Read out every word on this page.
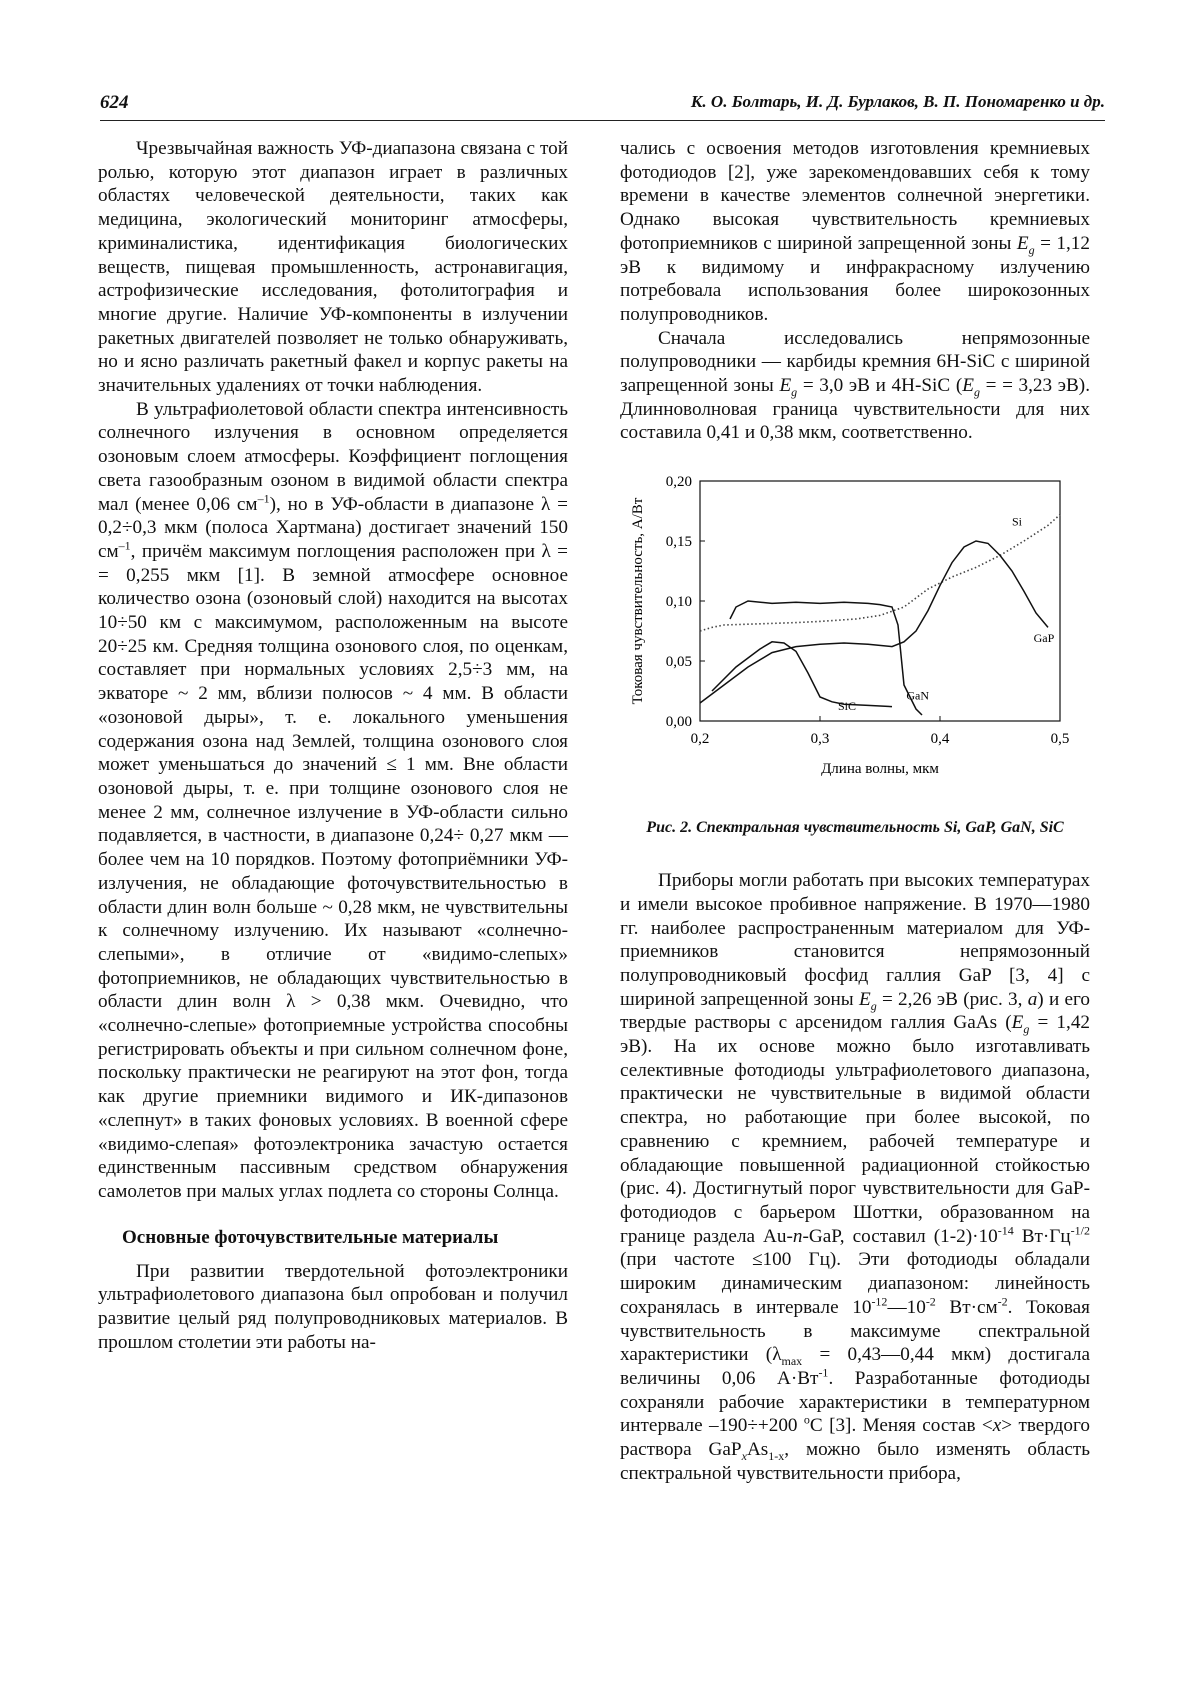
624	К. О. Болтарь, И. Д. Бурлаков, В. П. Пономаренко и др.

Чрезвычайная важность УФ-диапазона связана с той ролью, которую этот диапазон играет в различных областях человеческой деятельности, таких как медицина, экологический мониторинг атмосферы, криминалистика, идентификация биологических веществ, пищевая промышленность, астронавигация, астрофизические исследования, фотолитография и многие другие. Наличие УФ-компоненты в излучении ракетных двигателей позволяет не только обнаруживать, но и ясно различать ракетный факел и корпус ракеты на значительных удалениях от точки наблюдения.

В ультрафиолетовой области спектра интенсивность солнечного излучения в основном определяется озоновым слоем атмосферы. Коэффициент поглощения света газообразным озоном в видимой области спектра мал (менее 0,06 $см^{-1}$), но в УФ-области в диапазоне λ = 0,2÷0,3 мкм (полоса Хартмана) достигает значений 150 $см^{-1}$, причём максимум поглощения расположен при λ = = 0,255 мкм [1]. В земной атмосфере основное количество озона (озоновый слой) находится на высотах 10÷50 км с максимумом, расположенным на высоте 20÷25 км. Средняя толщина озонового слоя, по оценкам, составляет при нормальных условиях 2,5÷3 мм, на экваторе ~ 2 мм, вблизи полюсов ~ 4 мм. В области «озоновой дыры», т. е. локального уменьшения содержания озона над Землей, толщина озонового слоя может уменьшаться до значений ≤ 1 мм. Вне области озоновой дыры, т. е. при толщине озонового слоя не менее 2 мм, солнечное излучение в УФ-области сильно подавляется, в частности, в диапазоне 0,24÷ 0,27 мкм — более чем на 10 порядков. Поэтому фотоприёмники УФ-излучения, не обладающие фоточувствительностью в области длин волн больше ~ 0,28 мкм, не чувствительны к солнечному излучению. Их называют «солнечно-слепыми», в отличие от «видимо-слепых» фотоприемников, не обладающих чувствительностью в области длин волн λ > 0,38 мкм. Очевидно, что «солнечно-слепые» фотоприемные устройства способны регистрировать объекты и при сильном солнечном фоне, поскольку практически не реагируют на этот фон, тогда как другие приемники видимого и ИК-дипазонов «слепнут» в таких фоновых условиях. В военной сфере «видимо-слепая» фотоэлектроника зачастую остается единственным пассивным средством обнаружения самолетов при малых углах подлета со стороны Солнца.

Основные фоточувствительные материалы

При развитии твердотельной фотоэлектроники ультрафиолетового диапазона был опробован и получил развитие целый ряд полупроводниковых материалов. В прошлом столетии эти работы на-

чались с освоения методов изготовления кремниевых фотодиодов [2], уже зарекомендовавших себя к тому времени в качестве элементов солнечной энергетики. Однако высокая чувствительность кремниевых фотоприемников с шириной запрещенной зоны $E_g = 1,12$ эВ к видимому и инфракрасному излучению потребовала использования более широкозонных полупроводников.

Сначала исследовались непрямозонные полупроводники — карбиды кремния 6H-SiC с шириной запрещенной зоны $E_g = 3,0$ эВ и 4H-SiC ($E_g$ = = 3,23 эВ). Длинноволновая граница чувствительности для них составила 0,41 и 0,38 мкм, соответственно.

0,00
0,05
0,10
0,15
0,20
0,2	0,3	0,4	0,5
Длина волны, мкм
Токовая чувствительность, А/Вт	Si
GaP
GaN
SiC
Рис. 2. Спектральная чувствительность Si, GaP, GaN, SiC

Приборы могли работать при высоких температурах и имели высокое пробивное напряжение. В 1970—1980 гг. наиболее распространенным материалом для УФ-приемников становится непрямозонный полупроводниковый фосфид галлия GaP [3, 4] с шириной запрещенной зоны $E_g = 2,26$ эВ (рис. 3, а) и его твердые растворы с арсенидом галлия GaAs ($E_g = 1,42$ эВ). На их основе можно было изготавливать селективные фотодиоды ультрафиолетового диапазона, практически не чувствительные в видимой области спектра, но работающие при более высокой, по сравнению с кремнием, рабочей температуре и обладающие повышенной радиационной стойкостью (рис. 4). Достигнутый порог чувствительности для GaP-фотодиодов с барьером Шоттки, образованном на границе раздела Au-n-GaP, составил $(1-2)\cdot 10^{-14}$ $Вт\cdot Гц^{-1/2}$ (при частоте ≤100 Гц). Эти фотодиоды обладали широким динамическим диапазоном: линейность сохранялась в интервале $10^{-12}—10^{-2}$ $Вт\cdot см^{-2}$. Токовая чувствительность в максимуме спектральной характеристики ($\lambda_{max}$ = 0,43—0,44 мкм) достигала величины 0,06 $А\cdot Вт^{-1}$. Разработанные фотодиоды сохраняли рабочие характеристики в температурном интервале –190÷+200 $^o$C [3]. Меняя состав <x> твердого раствора $GaP_xAs_{1-x}$, можно было изменять область спектральной чувствительности прибора,
